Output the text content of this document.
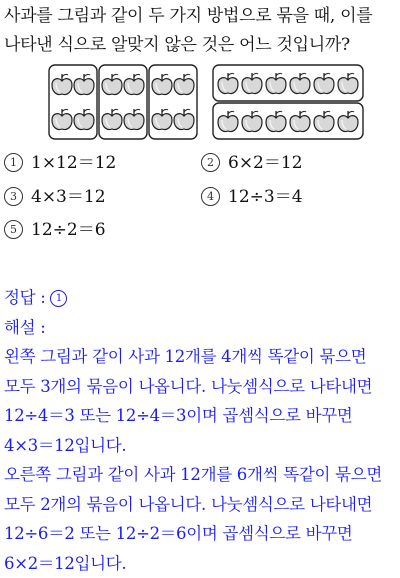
사과를 그림과 같이 두 가지 방법으로 묶을 때, 이를

나타낸 식으로 알맞지 않은 것은 어느 것입니까?

1 1×12＝12	2 6×2＝12
3 4×3＝12	4 12÷3＝4
5 12÷2＝6

정답 : 1

해설 :

왼쪽 그림과 같이 사과 12개를 4개씩 똑같이 묶으면

모두 3개의 묶음이 나옵니다. 나눗셈식으로 나타내면

12÷4＝3 또는 12÷4＝3이며 곱셈식으로 바꾸면

4×3＝12입니다.

오른쪽 그림과 같이 사과 12개를 6개씩 똑같이 묶으면

모두 2개의 묶음이 나옵니다. 나눗셈식으로 나타내면

12÷6＝2 또는 12÷2＝6이며 곱셈식으로 바꾸면

6×2＝12입니다.
